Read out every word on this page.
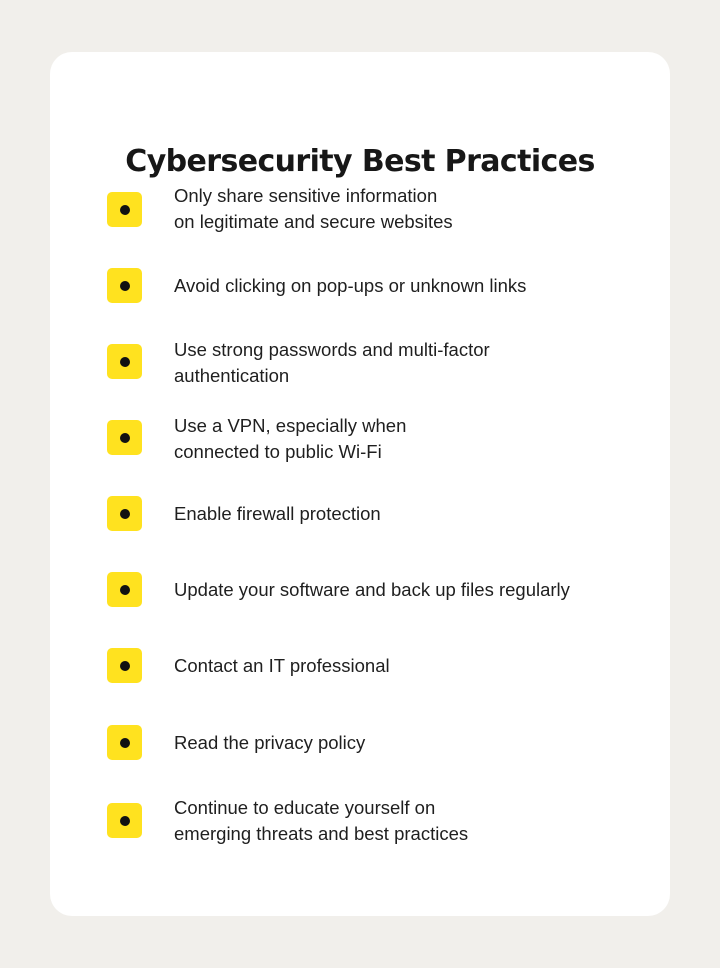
Cybersecurity Best Practices
Only share sensitive information
on legitimate and secure websites
Avoid clicking on pop-ups or unknown links
Use strong passwords and multi-factor
authentication
Use a VPN, especially when
connected to public Wi-Fi
Enable firewall protection
Update your software and back up files regularly
Contact an IT professional
Read the privacy policy
Continue to educate yourself on
emerging threats and best practices
